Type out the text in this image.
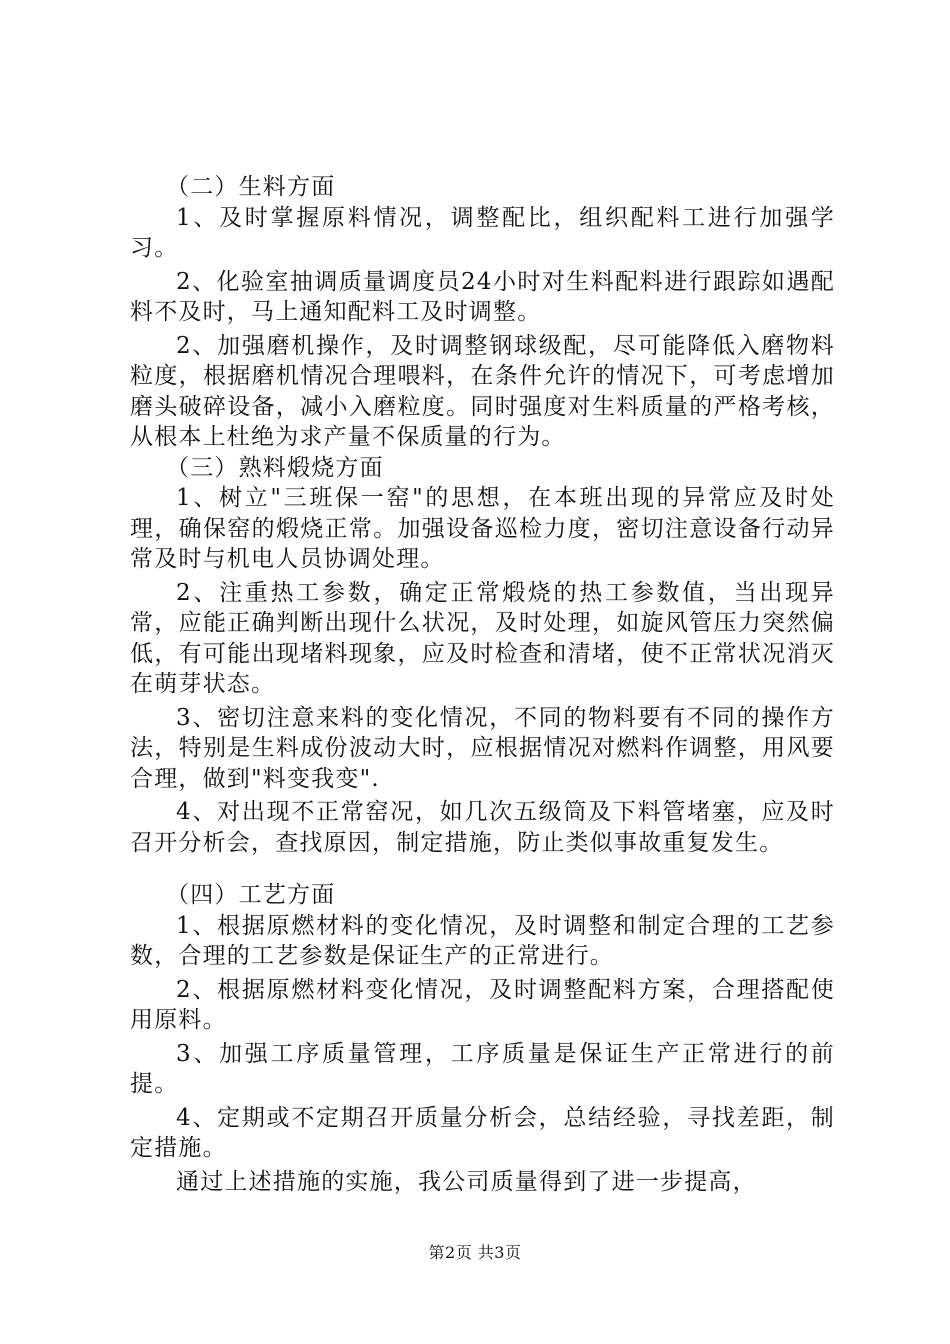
（二）生料方面

1、及时掌握原料情况，调整配比，组织配料工进行加强学习。

2、化验室抽调质量调度员24小时对生料配料进行跟踪如遇配料不及时，马上通知配料工及时调整。

2、加强磨机操作，及时调整钢球级配，尽可能降低入磨物料粒度，根据磨机情况合理喂料，在条件允许的情况下，可考虑增加磨头破碎设备，减小入磨粒度。同时强度对生料质量的严格考核，从根本上杜绝为求产量不保质量的行为。

（三）熟料煅烧方面

1、树立"三班保一窑"的思想，在本班出现的异常应及时处理，确保窑的煅烧正常。加强设备巡检力度，密切注意设备行动异常及时与机电人员协调处理。

2、注重热工参数，确定正常煅烧的热工参数值，当出现异常，应能正确判断出现什么状况，及时处理，如旋风管压力突然偏低，有可能出现堵料现象，应及时检查和清堵，使不正常状况消灭在萌芽状态。

3、密切注意来料的变化情况，不同的物料要有不同的操作方法，特别是生料成份波动大时，应根据情况对燃料作调整，用风要合理，做到"料变我变".

4、对出现不正常窑况，如几次五级筒及下料管堵塞，应及时召开分析会，查找原因，制定措施，防止类似事故重复发生。

（四）工艺方面

1、根据原燃材料的变化情况，及时调整和制定合理的工艺参数，合理的工艺参数是保证生产的正常进行。

2、根据原燃材料变化情况，及时调整配料方案，合理搭配使用原料。

3、加强工序质量管理，工序质量是保证生产正常进行的前提。

4、定期或不定期召开质量分析会，总结经验，寻找差距，制定措施。

通过上述措施的实施，我公司质量得到了进一步提高，

第2页 共3页
